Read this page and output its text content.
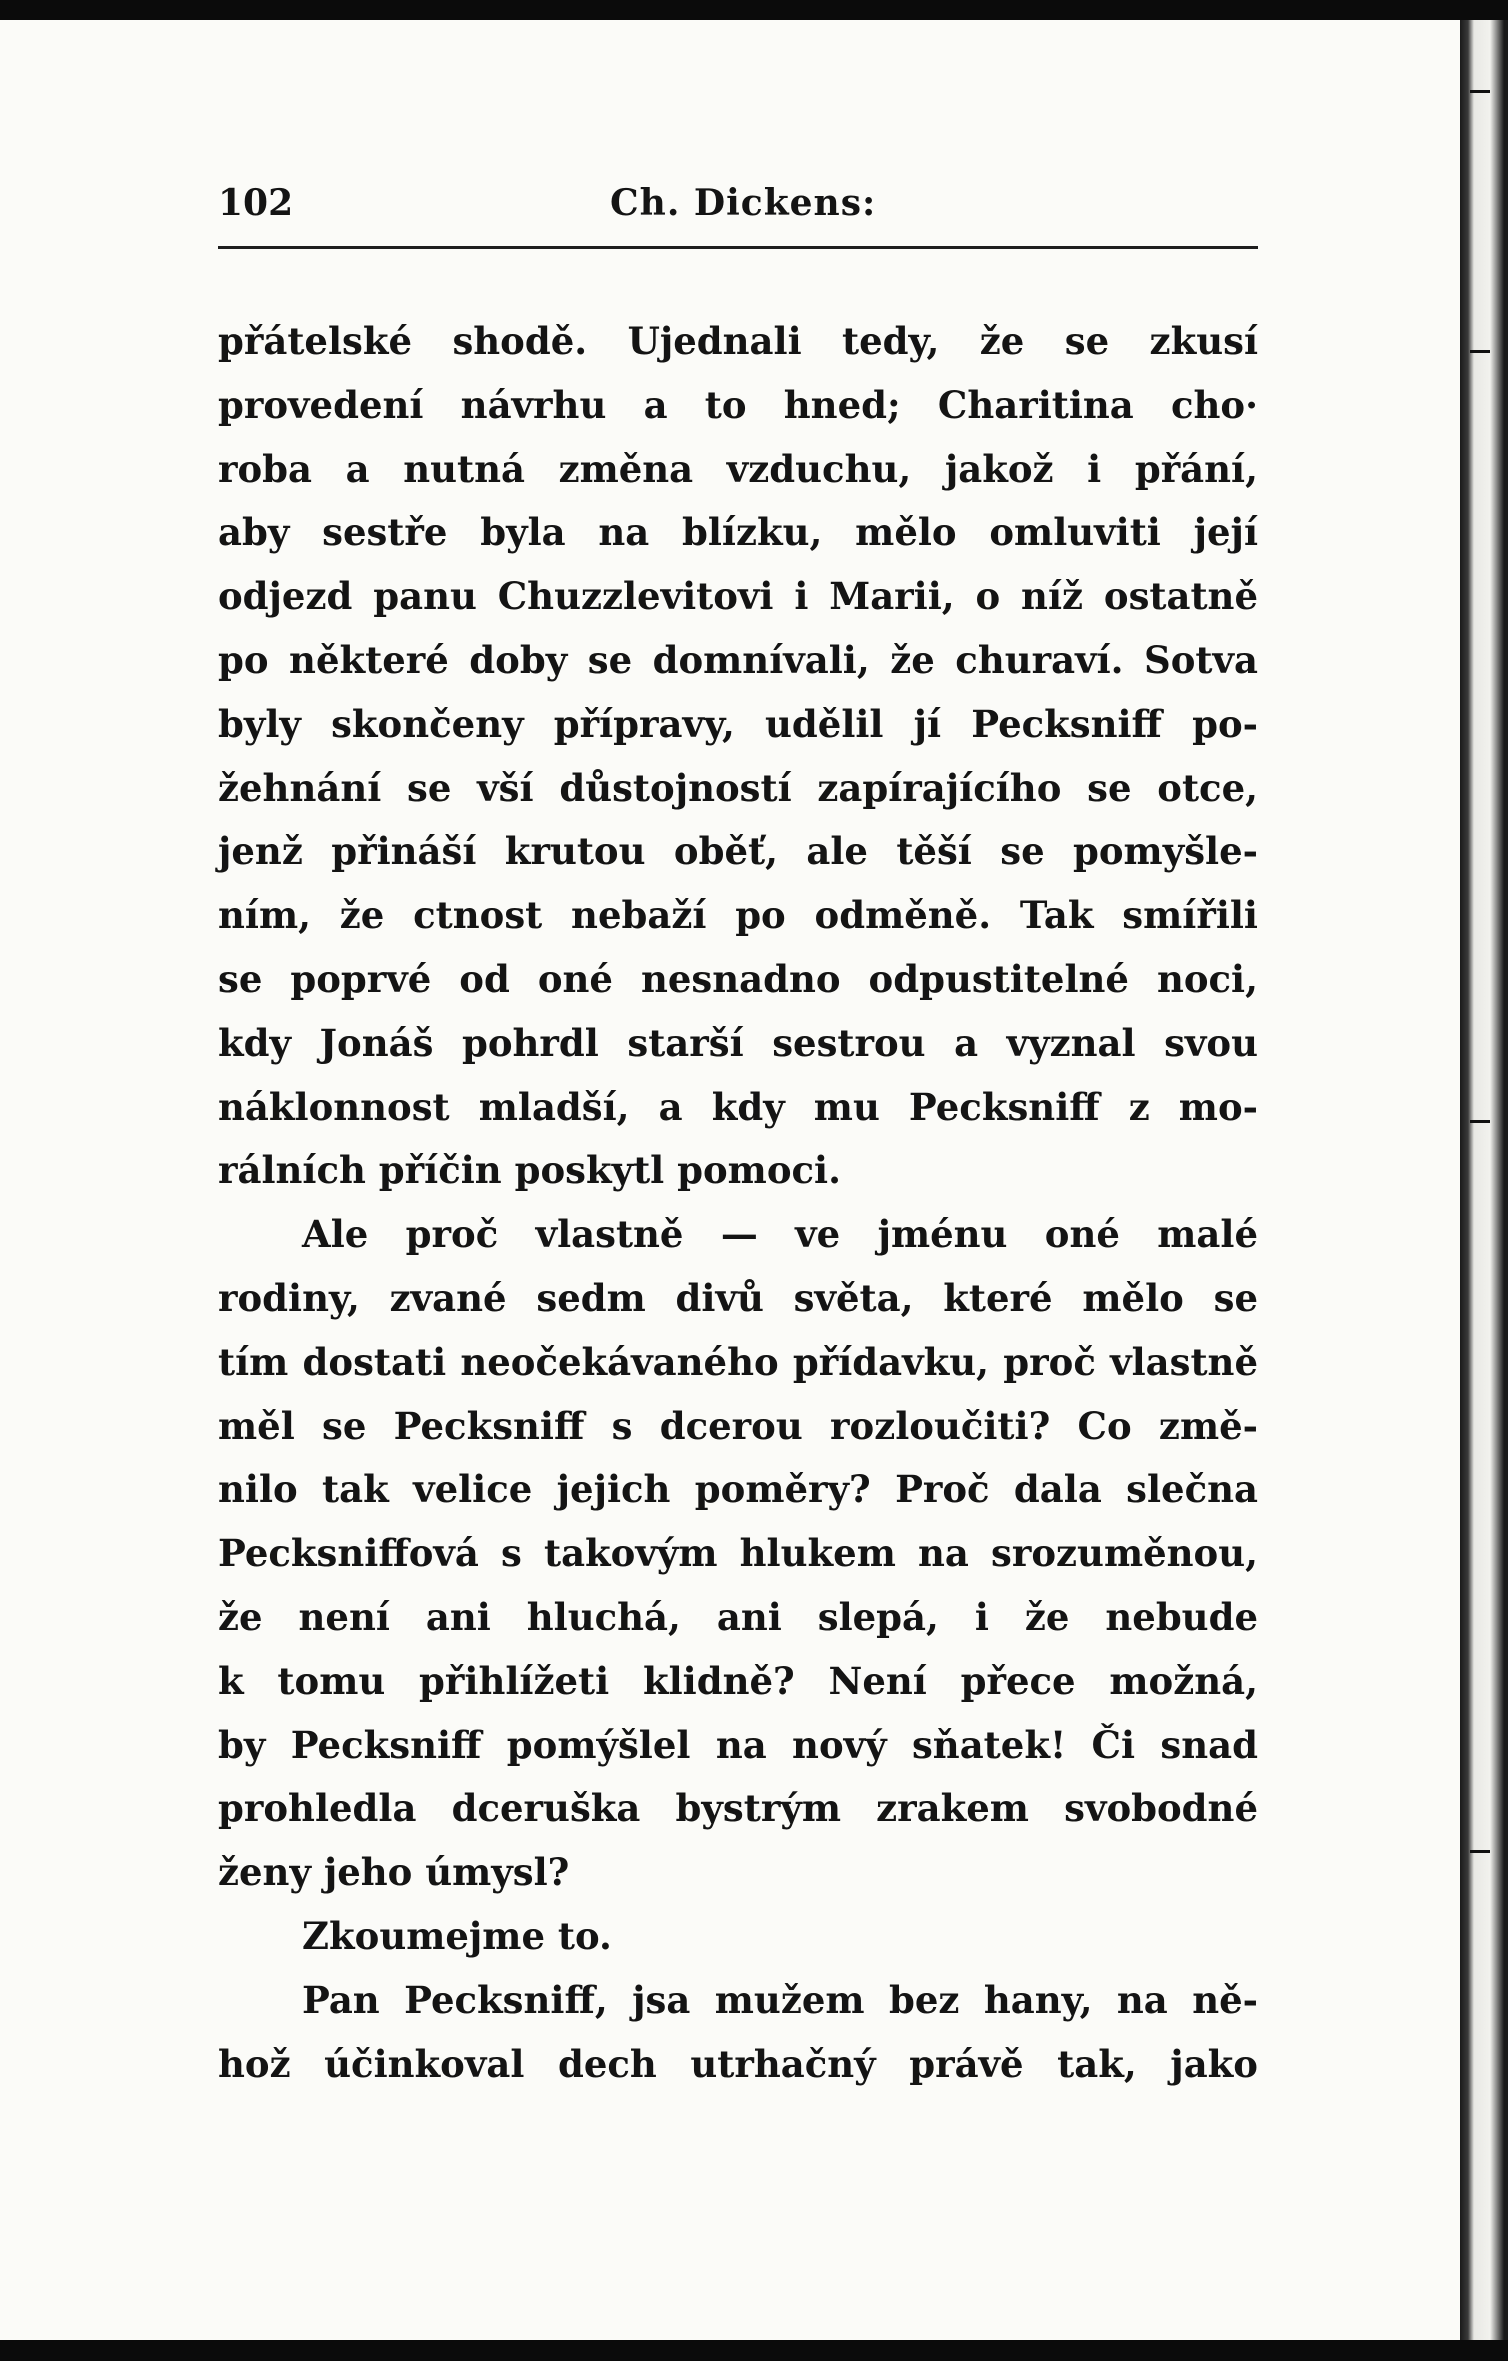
102	Ch. Dickens:

přátelské shodě. Ujednali tedy, že se zkusí

provedení návrhu a to hned; Charitina cho·

roba a nutná změna vzduchu, jakož i přání,

aby sestře byla na blízku, mělo omluviti její

odjezd panu Chuzzlevitovi i Marii, o níž ostatně

po některé doby se domnívali, že churaví. Sotva

byly skončeny přípravy, udělil jí Pecksniff po-

žehnání se vší důstojností zapírajícího se otce,

jenž přináší krutou oběť, ale těší se pomyšle-

ním, že ctnost nebaží po odměně. Tak smířili

se poprvé od oné nesnadno odpustitelné noci,

kdy Jonáš pohrdl starší sestrou a vyznal svou

náklonnost mladší, a kdy mu Pecksniff z mo-

rálních příčin poskytl pomoci.

Ale proč vlastně — ve jménu oné malé

rodiny, zvané sedm divů světa, které mělo se

tím dostati neočekávaného přídavku, proč vlastně

měl se Pecksniff s dcerou rozloučiti? Co změ-

nilo tak velice jejich poměry? Proč dala slečna

Pecksniffová s takovým hlukem na srozuměnou,

že není ani hluchá, ani slepá, i že nebude

k tomu přihlížeti klidně? Není přece možná,

by Pecksniff pomýšlel na nový sňatek! Či snad

prohledla dceruška bystrým zrakem svobodné

ženy jeho úmysl?

Zkoumejme to.

Pan Pecksniff, jsa mužem bez hany, na ně-

hož účinkoval dech utrhačný právě tak, jako
